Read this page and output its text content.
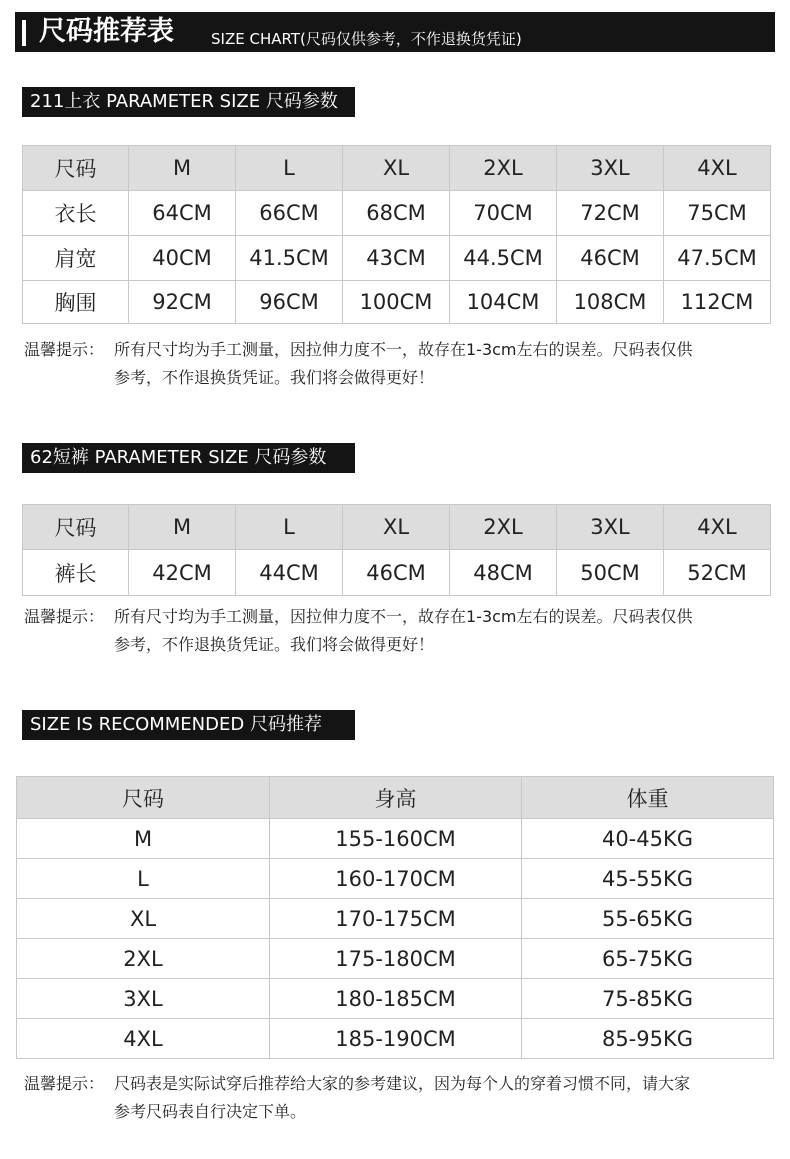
尺码推荐表 SIZE CHART(尺码仅供参考，不作退换货凭证)
211上衣 PARAMETER SIZE 尺码参数
尺码	M	L	XL	2XL	3XL	4XL
衣长	64CM	66CM	68CM	70CM	72CM	75CM
肩宽	40CM	41.5CM	43CM	44.5CM	46CM	47.5CM
胸围	92CM	96CM	100CM	104CM	108CM	112CM
温馨提示： 所有尺寸均为手工测量，因拉伸力度不一，故存在1-3cm左右的误差。尺码表仅供
参考，不作退换货凭证。我们将会做得更好！
62短裤 PARAMETER SIZE 尺码参数
尺码	M	L	XL	2XL	3XL	4XL
裤长	42CM	44CM	46CM	48CM	50CM	52CM
温馨提示： 所有尺寸均为手工测量，因拉伸力度不一，故存在1-3cm左右的误差。尺码表仅供
参考，不作退换货凭证。我们将会做得更好！
SIZE IS RECOMMENDED 尺码推荐
尺码	身高	体重
M	155-160CM	40-45KG
L	160-170CM	45-55KG
XL	170-175CM	55-65KG
2XL	175-180CM	65-75KG
3XL	180-185CM	75-85KG
4XL	185-190CM	85-95KG
温馨提示： 尺码表是实际试穿后推荐给大家的参考建议，因为每个人的穿着习惯不同，请大家
参考尺码表自行决定下单。
